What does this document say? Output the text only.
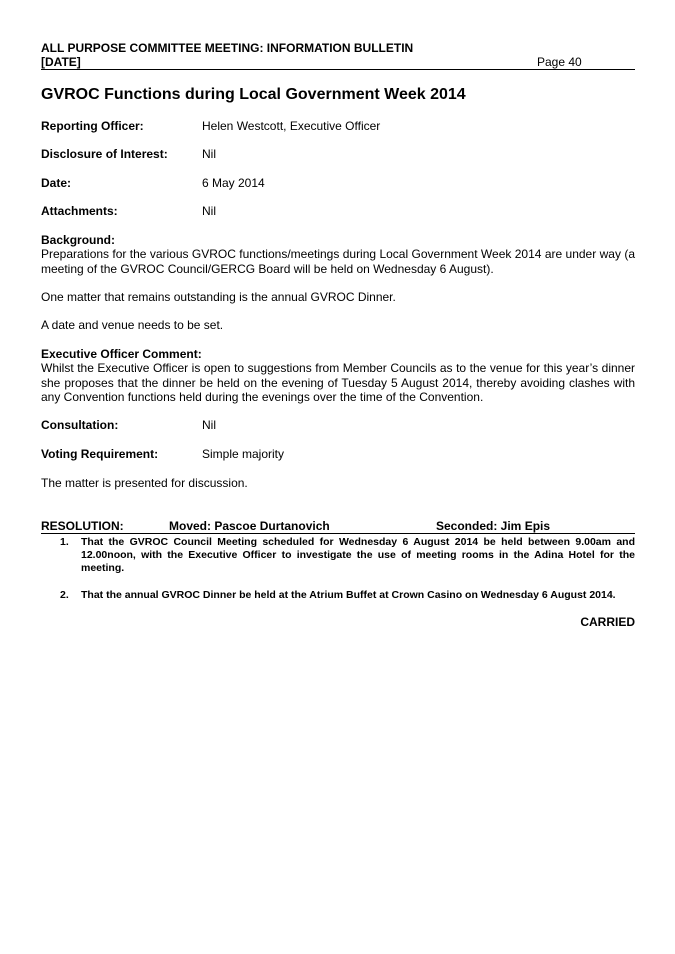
ALL PURPOSE COMMITTEE MEETING: INFORMATION BULLETIN
[DATE]	Page 40
GVROC Functions during Local Government Week 2014
Reporting Officer:	Helen Westcott, Executive Officer
Disclosure of Interest:	Nil
Date:	6 May 2014
Attachments:	Nil
Background:

Preparations for the various GVROC functions/meetings during Local Government Week 2014 are under way (a meeting of the GVROC Council/GERCG Board will be held on Wednesday 6 August).

One matter that remains outstanding is the annual GVROC Dinner.

A date and venue needs to be set.

Executive Officer Comment:

Whilst the Executive Officer is open to suggestions from Member Councils as to the venue for this year’s dinner she proposes that the dinner be held on the evening of Tuesday 5 August 2014, thereby avoiding clashes with any Convention functions held during the evenings over the time of the Convention.

Consultation:	Nil
Voting Requirement:	Simple majority

The matter is presented for discussion.

RESOLUTION:	Moved: Pascoe Durtanovich	Seconded: Jim Epis
1. That the GVROC Council Meeting scheduled for Wednesday 6 August 2014 be held between 9.00am and 12.00noon, with the Executive Officer to investigate the use of meeting rooms in the Adina Hotel for the meeting.
2. That the annual GVROC Dinner be held at the Atrium Buffet at Crown Casino on Wednesday 6 August 2014.
CARRIED
